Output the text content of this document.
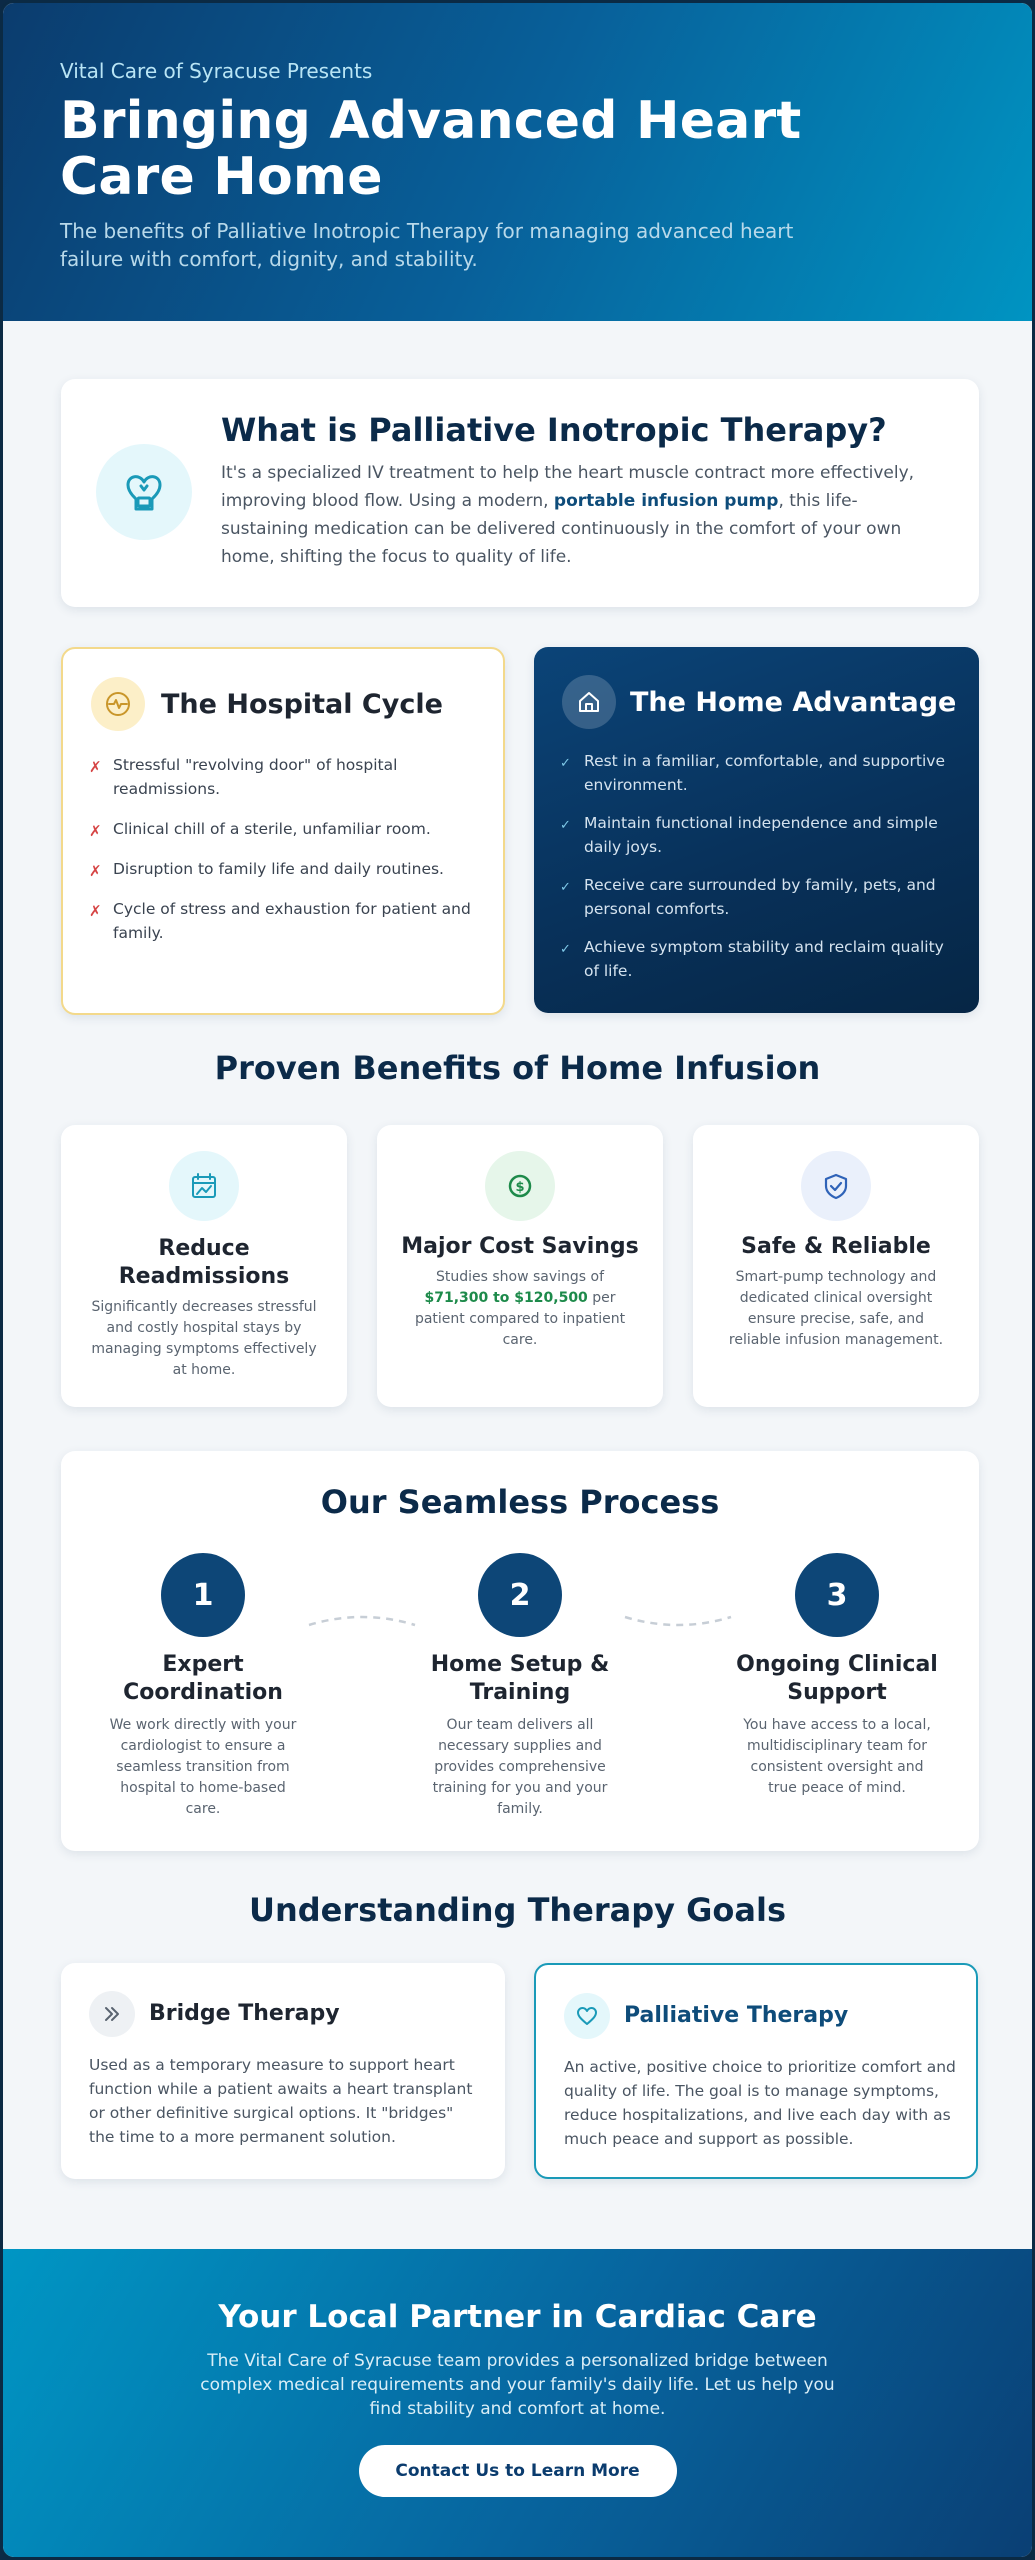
Vital Care of Syracuse Presents
Bringing Advanced Heart Care Home
The benefits of Palliative Inotropic Therapy for managing advanced heart failure with comfort, dignity, and stability.
What is Palliative Inotropic Therapy?

It's a specialized IV treatment to help the heart muscle contract more effectively, improving blood flow. Using a modern, portable infusion pump, this life-sustaining medication can be delivered continuously in the comfort of your own home, shifting the focus to quality of life.

The Hospital Cycle
✗ Stressful "revolving door" of hospital readmissions.
✗ Clinical chill of a sterile, unfamiliar room.
✗ Disruption to family life and daily routines.
✗ Cycle of stress and exhaustion for patient and family.
The Home Advantage
✓ Rest in a familiar, comfortable, and supportive environment.
✓ Maintain functional independence and simple daily joys.
✓ Receive care surrounded by family, pets, and personal comforts.
✓ Achieve symptom stability and reclaim quality of life.
Proven Benefits of Home Infusion
Reduce Readmissions

Significantly decreases stressful and costly hospital stays by managing symptoms effectively at home.

$
Major Cost Savings

Studies show savings of $71,300 to $120,500 per patient compared to inpatient care.

Safe & Reliable

Smart-pump technology and dedicated clinical oversight ensure precise, safe, and reliable infusion management.

Our Seamless Process
1
Expert Coordination

We work directly with your cardiologist to ensure a seamless transition from hospital to home-based care.

2
Home Setup & Training

Our team delivers all necessary supplies and provides comprehensive training for you and your family.

3
Ongoing Clinical Support

You have access to a local, multidisciplinary team for consistent oversight and true peace of mind.

Understanding Therapy Goals
Bridge Therapy

Used as a temporary measure to support heart function while a patient awaits a heart transplant or other definitive surgical options. It "bridges" the time to a more permanent solution.

Palliative Therapy

An active, positive choice to prioritize comfort and quality of life. The goal is to manage symptoms, reduce hospitalizations, and live each day with as much peace and support as possible.

Your Local Partner in Cardiac Care

The Vital Care of Syracuse team provides a personalized bridge between complex medical requirements and your family's daily life. Let us help you find stability and comfort at home.

Contact Us to Learn More
